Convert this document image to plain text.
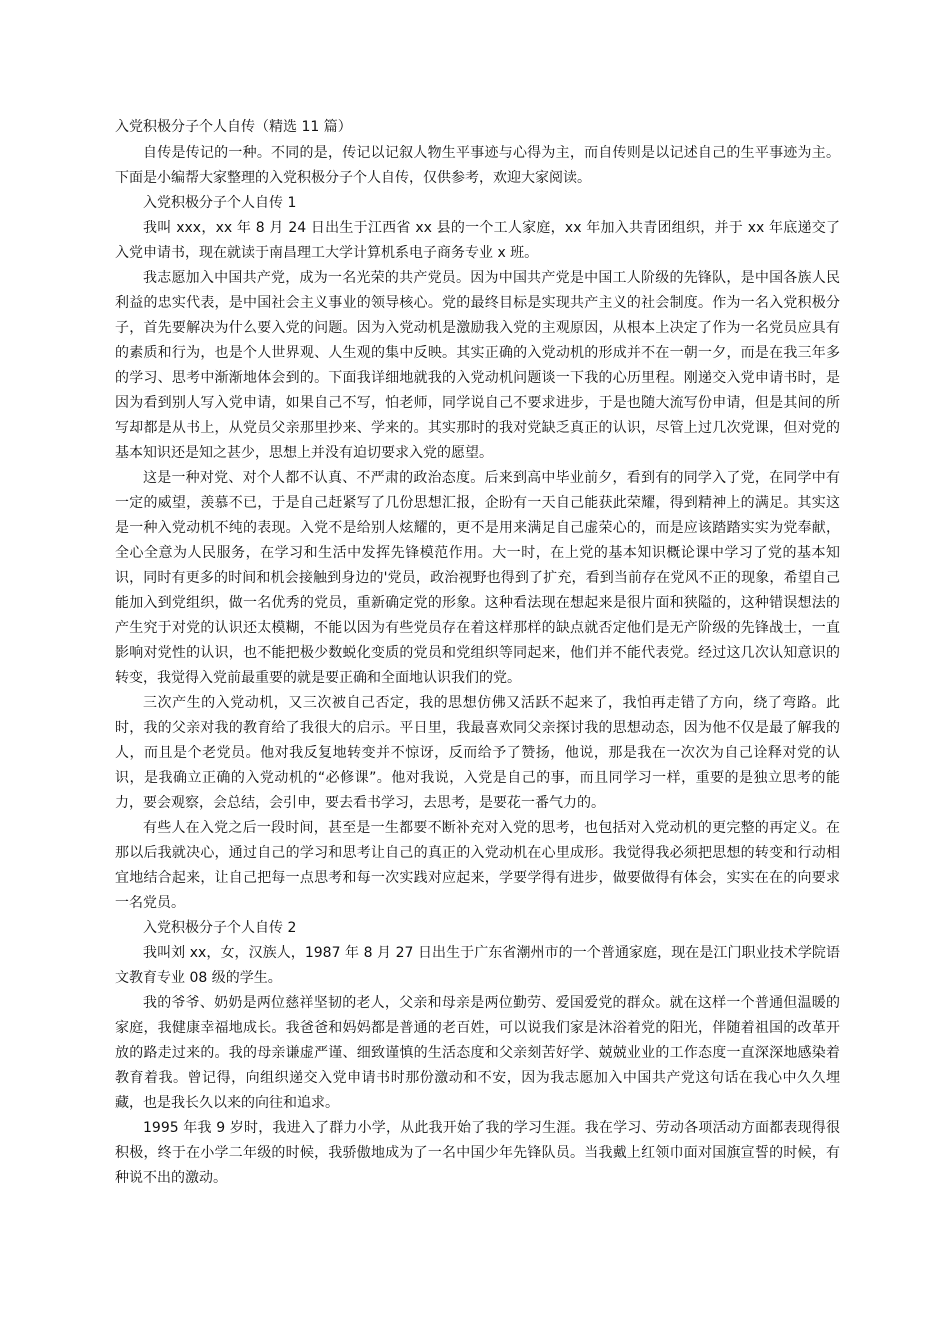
入党积极分子个人自传（精选 11 篇）

自传是传记的一种。不同的是，传记以记叙人物生平事迹与心得为主，而自传则是以记述自己的生平事迹为主。下面是小编帮大家整理的入党积极分子个人自传，仅供参考，欢迎大家阅读。

入党积极分子个人自传 1

我叫 xxx，xx 年 8 月 24 日出生于江西省 xx 县的一个工人家庭，xx 年加入共青团组织，并于 xx 年底递交了入党申请书，现在就读于南昌理工大学计算机系电子商务专业 x 班。

我志愿加入中国共产党，成为一名光荣的共产党员。因为中国共产党是中国工人阶级的先锋队，是中国各族人民利益的忠实代表，是中国社会主义事业的领导核心。党的最终目标是实现共产主义的社会制度。作为一名入党积极分子，首先要解决为什么要入党的问题。因为入党动机是激励我入党的主观原因，从根本上决定了作为一名党员应具有的素质和行为，也是个人世界观、人生观的集中反映。其实正确的入党动机的形成并不在一朝一夕，而是在我三年多的学习、思考中渐渐地体会到的。下面我详细地就我的入党动机问题谈一下我的心历里程。刚递交入党申请书时，是因为看到别人写入党申请，如果自己不写，怕老师，同学说自己不要求进步，于是也随大流写份申请，但是其间的所写却都是从书上，从党员父亲那里抄来、学来的。其实那时的我对党缺乏真正的认识，尽管上过几次党课，但对党的基本知识还是知之甚少，思想上并没有迫切要求入党的愿望。

这是一种对党、对个人都不认真、不严肃的政治态度。后来到高中毕业前夕，看到有的同学入了党，在同学中有一定的威望，羡慕不已，于是自己赶紧写了几份思想汇报，企盼有一天自己能获此荣耀，得到精神上的满足。其实这是一种入党动机不纯的表现。入党不是给别人炫耀的，更不是用来满足自己虚荣心的，而是应该踏踏实实为党奉献，全心全意为人民服务，在学习和生活中发挥先锋模范作用。大一时，在上党的基本知识概论课中学习了党的基本知识，同时有更多的时间和机会接触到身边的'党员，政治视野也得到了扩充，看到当前存在党风不正的现象，希望自己能加入到党组织，做一名优秀的党员，重新确定党的形象。这种看法现在想起来是很片面和狭隘的，这种错误想法的产生究于对党的认识还太模糊，不能以因为有些党员存在着这样那样的缺点就否定他们是无产阶级的先锋战士，一直影响对党性的认识，也不能把极少数蜕化变质的党员和党组织等同起来，他们并不能代表党。经过这几次认知意识的转变，我觉得入党前最重要的就是要正确和全面地认识我们的党。

三次产生的入党动机，又三次被自己否定，我的思想仿佛又活跃不起来了，我怕再走错了方向，绕了弯路。此时，我的父亲对我的教育给了我很大的启示。平日里，我最喜欢同父亲探讨我的思想动态，因为他不仅是最了解我的人，而且是个老党员。他对我反复地转变并不惊讶，反而给予了赞扬，他说，那是我在一次次为自己诠释对党的认识，是我确立正确的入党动机的“必修课”。他对我说，入党是自己的事，而且同学习一样，重要的是独立思考的能力，要会观察，会总结，会引申，要去看书学习，去思考，是要花一番气力的。

有些人在入党之后一段时间，甚至是一生都要不断补充对入党的思考，也包括对入党动机的更完整的再定义。在那以后我就决心，通过自己的学习和思考让自己的真正的入党动机在心里成形。我觉得我必须把思想的转变和行动相宜地结合起来，让自己把每一点思考和每一次实践对应起来，学要学得有进步，做要做得有体会，实实在在的向要求一名党员。

入党积极分子个人自传 2

我叫刘 xx，女，汉族人，1987 年 8 月 27 日出生于广东省潮州市的一个普通家庭，现在是江门职业技术学院语文教育专业 08 级的学生。

我的爷爷、奶奶是两位慈祥坚韧的老人，父亲和母亲是两位勤劳、爱国爱党的群众。就在这样一个普通但温暖的家庭，我健康幸福地成长。我爸爸和妈妈都是普通的老百姓，可以说我们家是沐浴着党的阳光，伴随着祖国的改革开放的路走过来的。我的母亲谦虚严谨、细致谨慎的生活态度和父亲刻苦好学、兢兢业业的工作态度一直深深地感染着教育着我。曾记得，向组织递交入党申请书时那份激动和不安，因为我志愿加入中国共产党这句话在我心中久久埋藏，也是我长久以来的向往和追求。

1995 年我 9 岁时，我进入了群力小学，从此我开始了我的学习生涯。我在学习、劳动各项活动方面都表现得很积极，终于在小学二年级的时候，我骄傲地成为了一名中国少年先锋队员。当我戴上红领巾面对国旗宣誓的时候，有种说不出的激动。
